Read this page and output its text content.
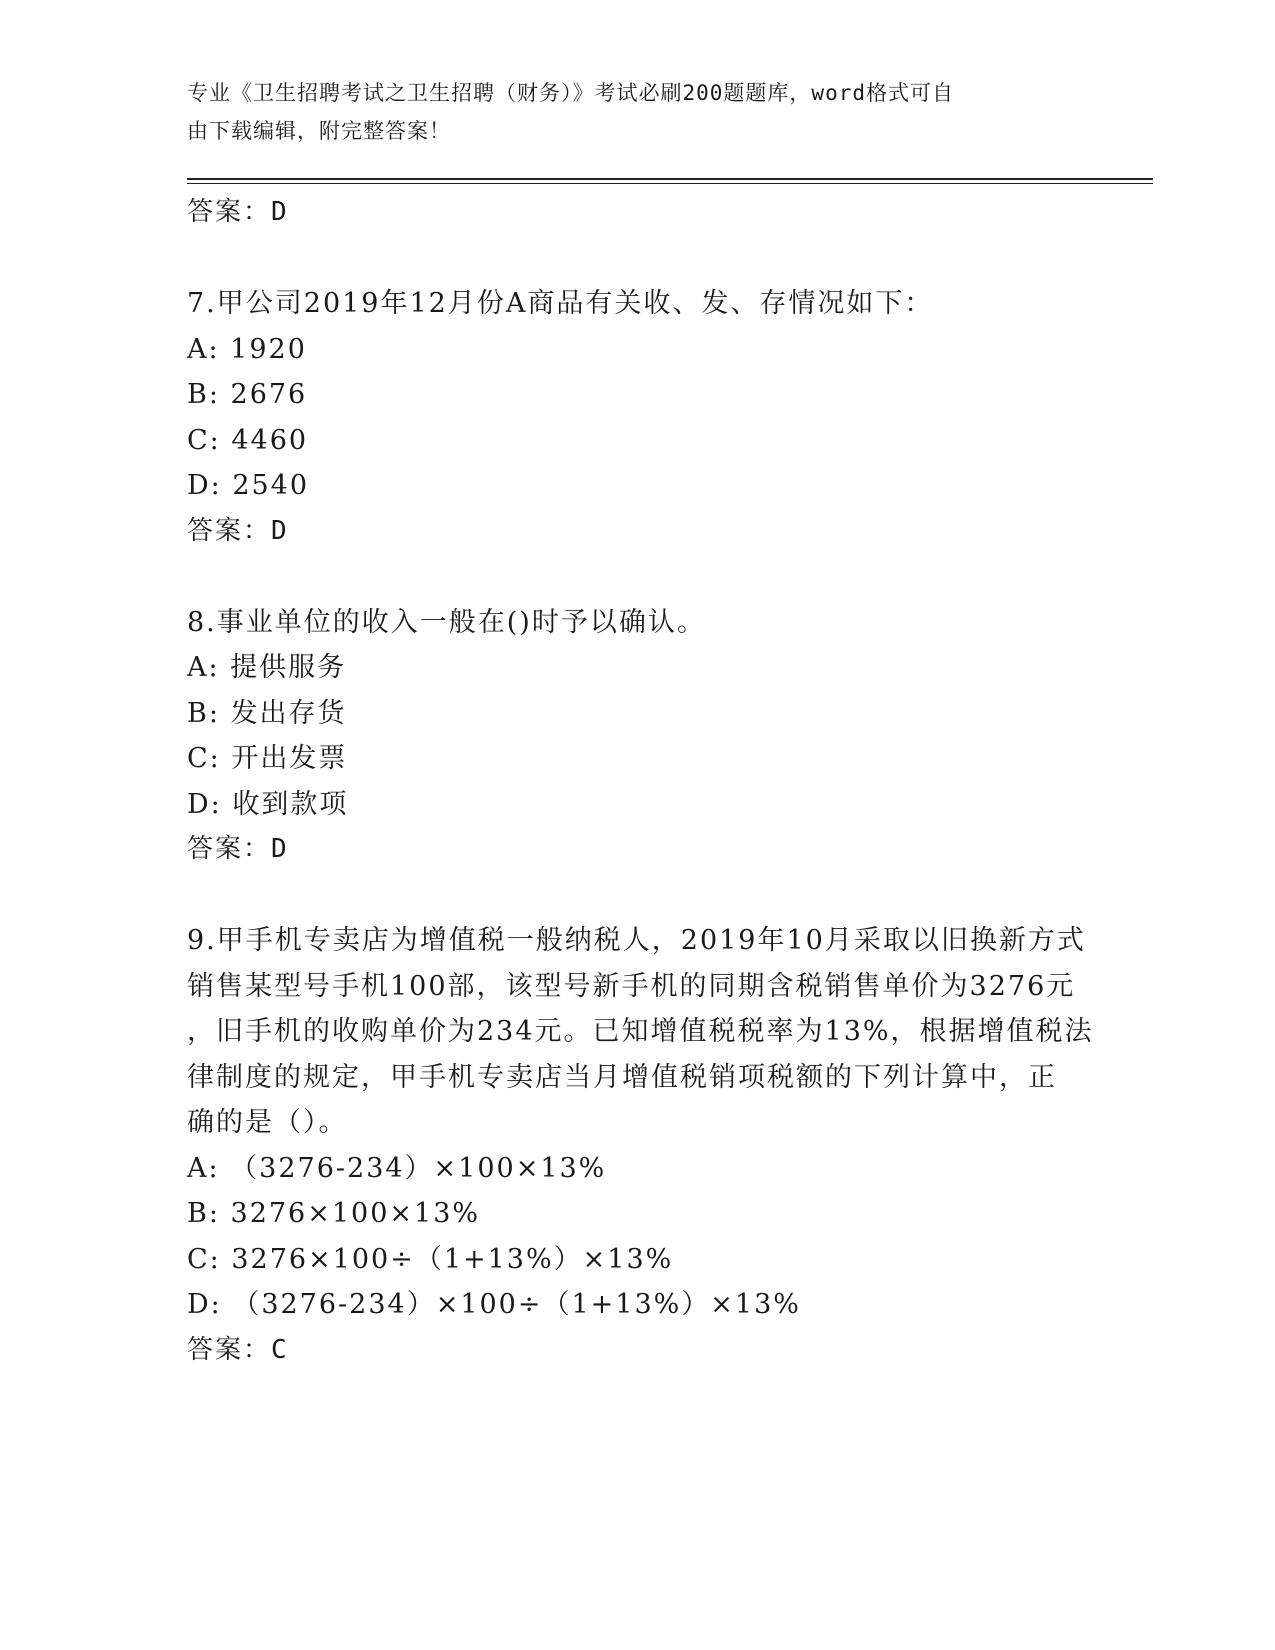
专业《卫生招聘考试之卫生招聘（财务）》考试必刷200题题库，word格式可自
由下载编辑，附完整答案！
答案：D
7.甲公司2019年12月份A商品有关收、发、存情况如下：
A: 1920
B: 2676
C: 4460
D: 2540
答案：D
8.事业单位的收入一般在()时予以确认。
A: 提供服务
B: 发出存货
C: 开出发票
D: 收到款项
答案：D
9.甲手机专卖店为增值税一般纳税人，2019年10月采取以旧换新方式
销售某型号手机100部，该型号新手机的同期含税销售单价为3276元
，旧手机的收购单价为234元。已知增值税税率为13%，根据增值税法
律制度的规定，甲手机专卖店当月增值税销项税额的下列计算中，正
确的是（）。
A: （3276-234）×100×13%
B: 3276×100×13%
C: 3276×100÷（1+13%）×13%
D: （3276-234）×100÷（1+13%）×13%
答案：C
